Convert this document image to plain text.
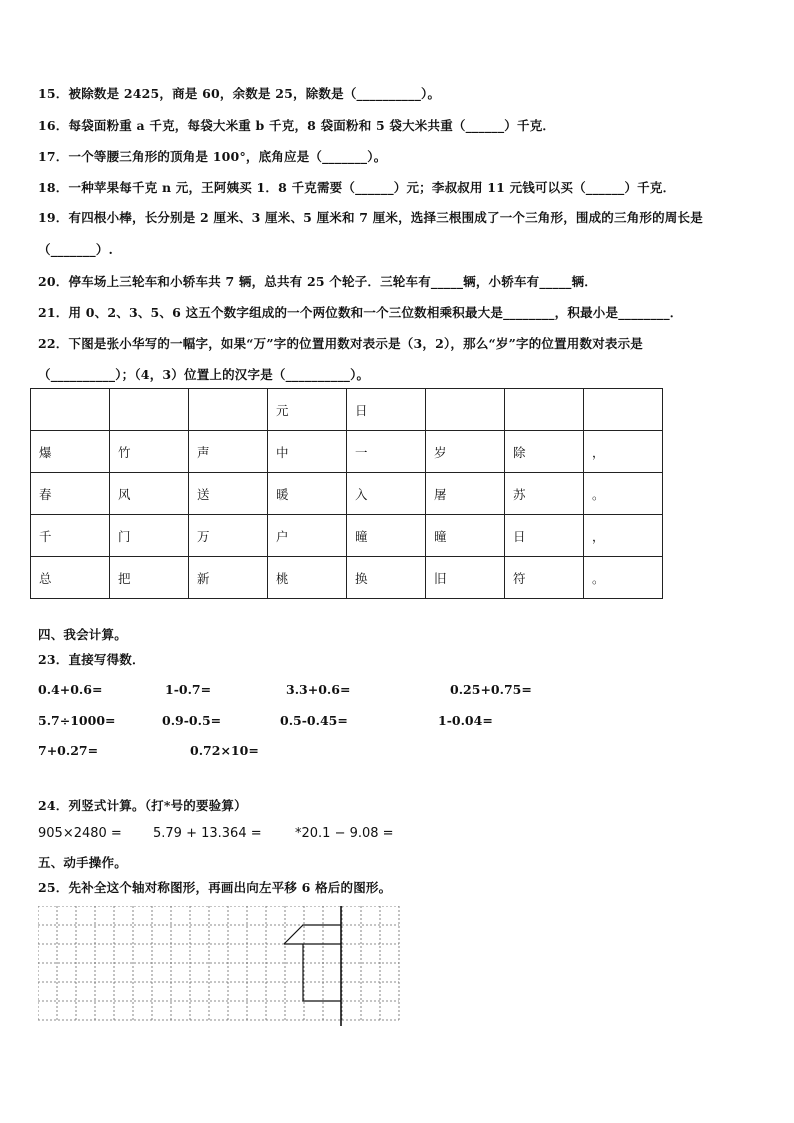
15．被除数是 2425，商是 60，余数是 25，除数是（__________）。
16．每袋面粉重 a 千克，每袋大米重 b 千克，8 袋面粉和 5 袋大米共重（______）千克．
17．一个等腰三角形的顶角是 100°，底角应是（_______）。
18．一种苹果每千克 n 元，王阿姨买 1．8 千克需要（______）元；李叔叔用 11 元钱可以买（______）千克．
19．有四根小棒，长分别是 2 厘米、3 厘米、5 厘米和 7 厘米，选择三根围成了一个三角形，围成的三角形的周长是
（_______）.
20．停车场上三轮车和小轿车共 7 辆，总共有 25 个轮子．三轮车有_____辆，小轿车有_____辆．
21．用 0、2、3、5、6 这五个数字组成的一个两位数和一个三位数相乘积最大是________，积最小是________．
22．下图是张小华写的一幅字，如果“万”字的位置用数对表示是（3，2），那么“岁”字的位置用数对表示是
（__________）；（4，3）位置上的汉字是（__________）。
			元	日			
爆	竹	声	中	一	岁	除	，
春	风	送	暖	入	屠	苏	。
千	门	万	户	曈	曈	日	，
总	把	新	桃	换	旧	符	。
四、我会计算。
23．直接写得数．
0.4+0.6=	1-0.7=	3.3+0.6=	0.25+0.75=
5.7÷1000=	0.9-0.5=	0.5-0.45=	1-0.04=
7+0.27=	0.72×10=
24．列竖式计算。（打*号的要验算）
905×2480 = 5.79 + 13.364 =	*20.1 − 9.08 =
五、动手操作。
25．先补全这个轴对称图形，再画出向左平移 6 格后的图形。
